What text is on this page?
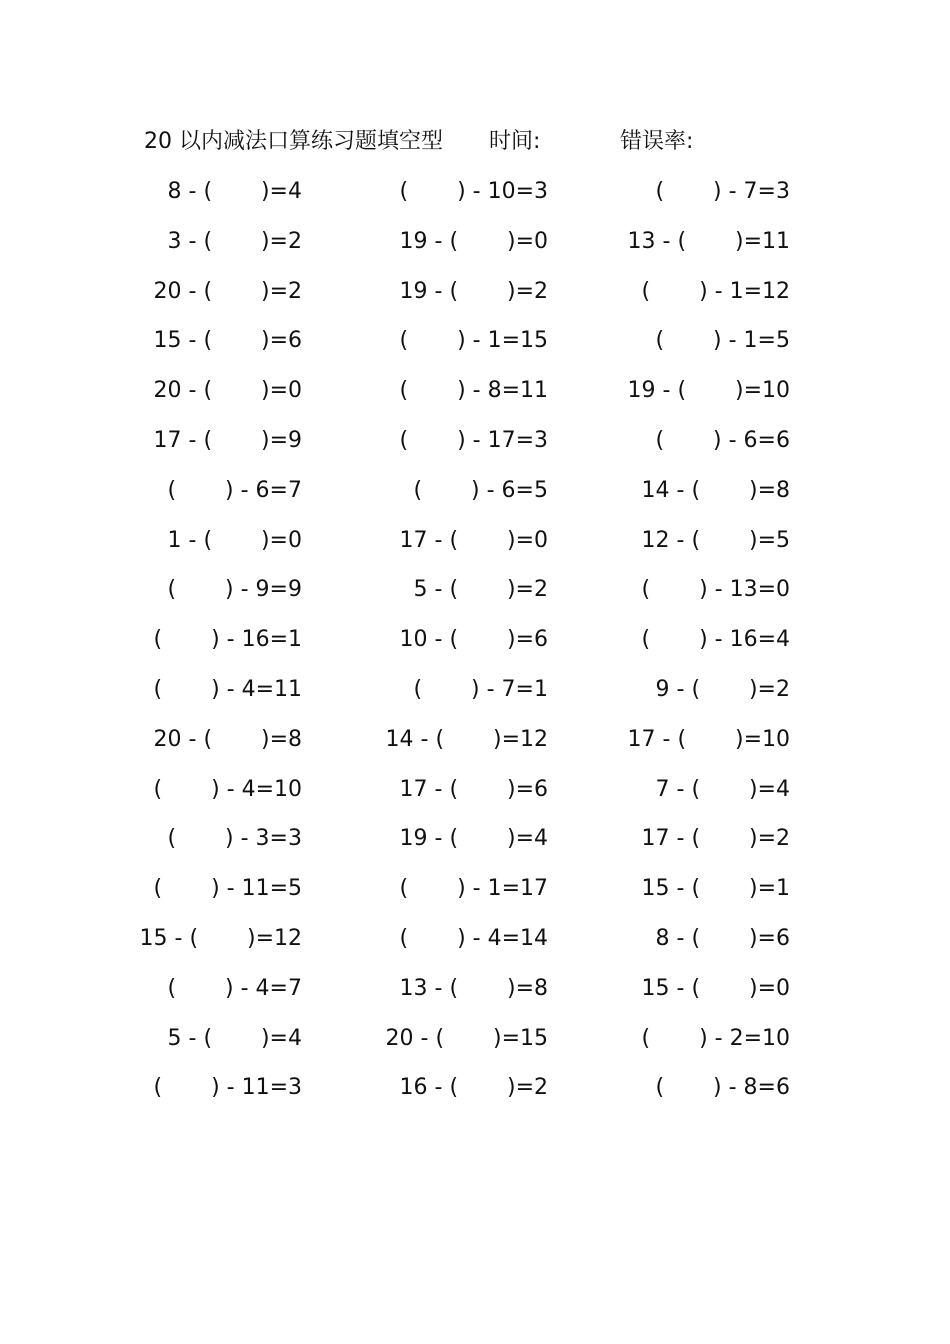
20 以内减法口算练习题填空型 时间:	错误率:
8 - (       )=4	(       ) - 10=3	(       ) - 7=3
3 - (       )=2	19 - (       )=0	13 - (       )=11
20 - (       )=2	19 - (       )=2	(       ) - 1=12
15 - (       )=6	(       ) - 1=15	(       ) - 1=5
20 - (       )=0	(       ) - 8=11	19 - (       )=10
17 - (       )=9	(       ) - 17=3	(       ) - 6=6
(       ) - 6=7	(       ) - 6=5	14 - (       )=8
1 - (       )=0	17 - (       )=0	12 - (       )=5
(       ) - 9=9	5 - (       )=2	(       ) - 13=0
(       ) - 16=1	10 - (       )=6	(       ) - 16=4
(       ) - 4=11	(       ) - 7=1	9 - (       )=2
20 - (       )=8	14 - (       )=12	17 - (       )=10
(       ) - 4=10	17 - (       )=6	7 - (       )=4
(       ) - 3=3	19 - (       )=4	17 - (       )=2
(       ) - 11=5	(       ) - 1=17	15 - (       )=1
15 - (       )=12	(       ) - 4=14	8 - (       )=6
(       ) - 4=7	13 - (       )=8	15 - (       )=0
5 - (       )=4	20 - (       )=15	(       ) - 2=10
(       ) - 11=3	16 - (       )=2	(       ) - 8=6
